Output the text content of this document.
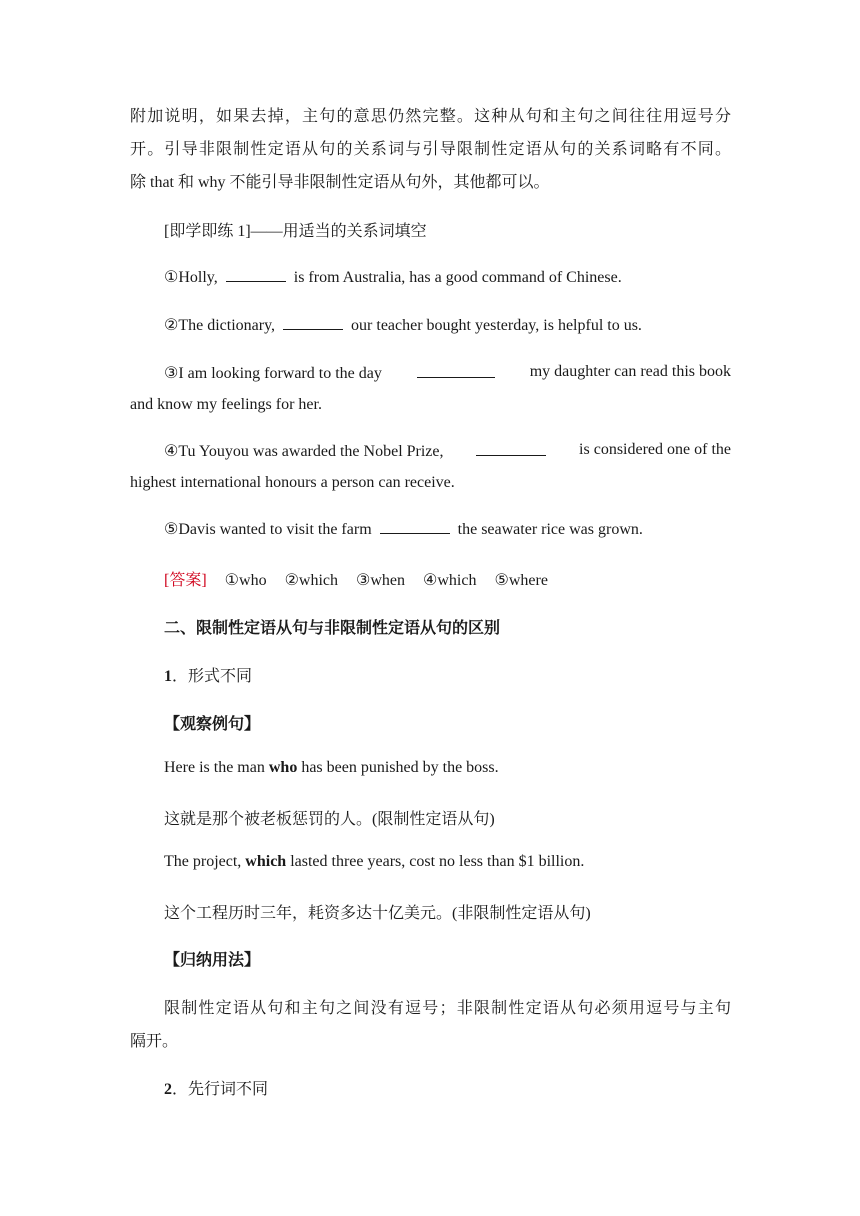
附加说明，如果去掉，主句的意思仍然完整。这种从句和主句之间往往用逗号分
开。引导非限制性定语从句的关系词与引导限制性定语从句的关系词略有不同。
除 that 和 why 不能引导非限制性定语从句外，其他都可以。
[即学即练 1]——用适当的关系词填空
①Holly,	is from Australia, has a good command of Chinese.
②The dictionary,	our teacher bought yesterday, is helpful to us.
③I am looking forward to the day	my daughter can read this book
and know my feelings for her.
④Tu Youyou was awarded the Nobel Prize,	is considered one of the
highest international honours a person can receive.
⑤Davis wanted to visit the farm	the seawater rice was grown.
[答案] ①who ②which ③when ④which ⑤where
二、限制性定语从句与非限制性定语从句的区别
1．形式不同
【观察例句】
Here is the man who has been punished by the boss.
这就是那个被老板惩罚的人。(限制性定语从句)
The project, which lasted three years, cost no less than $1 billion.
这个工程历时三年，耗资多达十亿美元。(非限制性定语从句)
【归纳用法】
限制性定语从句和主句之间没有逗号；非限制性定语从句必须用逗号与主句
隔开。
2．先行词不同
